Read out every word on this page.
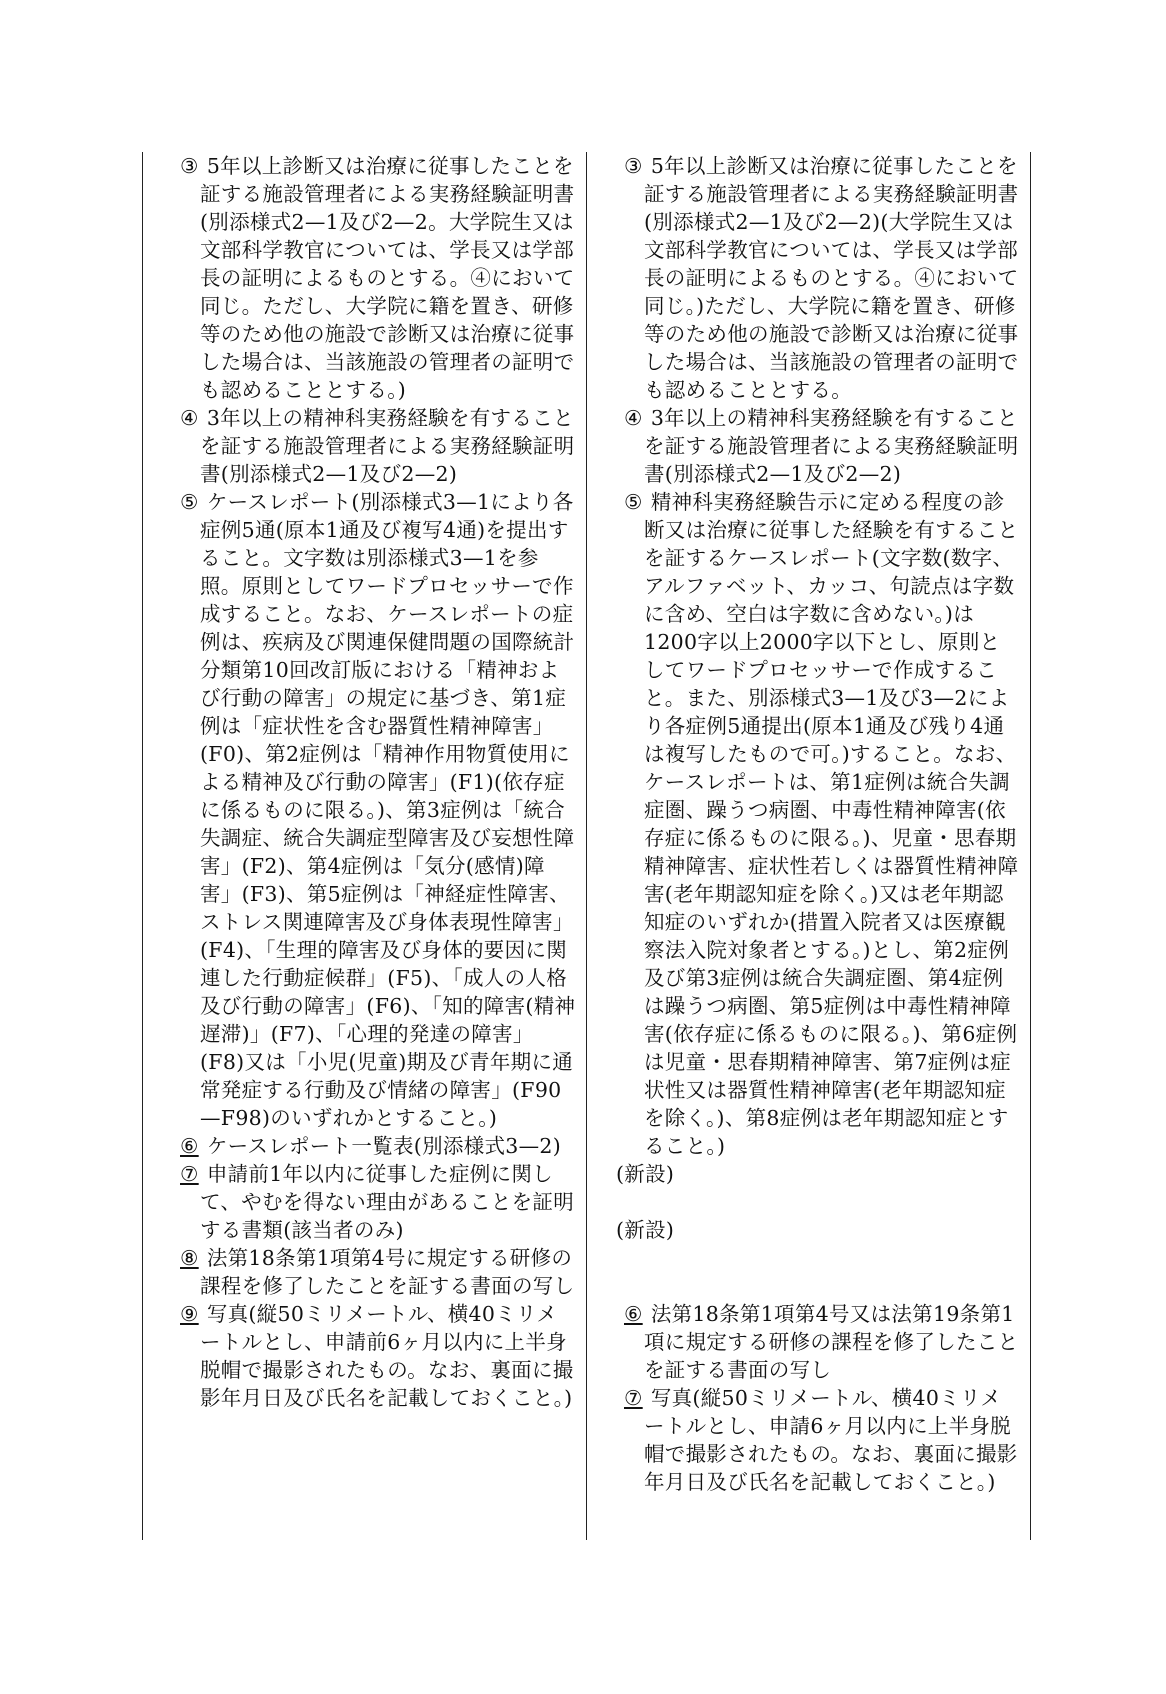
③ 5年以上診断又は治療に従事したことを証する施設管理者による実務経験証明書(別添様式2—1及び2—2。大学院生又は文部科学教官については、学長又は学部長の証明によるものとする。④において同じ。ただし、大学院に籍を置き、研修等のため他の施設で診断又は治療に従事した場合は、当該施設の管理者の証明でも認めることとする。)
④ 3年以上の精神科実務経験を有することを証する施設管理者による実務経験証明書(別添様式2—1及び2—2)
⑤ ケースレポート(別添様式3—1により各症例5通(原本1通及び複写4通)を提出すること。文字数は別添様式3—1を参照。原則としてワードプロセッサーで作成すること。なお、ケースレポートの症例は、疾病及び関連保健問題の国際統計分類第10回改訂版における「精神および行動の障害」の規定に基づき、第1症例は「症状性を含む器質性精神障害」(F0)、第2症例は「精神作用物質使用による精神及び行動の障害」(F1)(依存症に係るものに限る。)、第3症例は「統合失調症、統合失調症型障害及び妄想性障害」(F2)、第4症例は「気分(感情)障害」(F3)、第5症例は「神経症性障害、ストレス関連障害及び身体表現性障害」(F4)、「生理的障害及び身体的要因に関連した行動症候群」(F5)、「成人の人格及び行動の障害」(F6)、「知的障害(精神遅滞)」(F7)、「心理的発達の障害」(F8)又は「小児(児童)期及び青年期に通常発症する行動及び情緒の障害」(F90—F98)のいずれかとすること。)
⑥ ケースレポート一覧表(別添様式3—2)
⑦ 申請前1年以内に従事した症例に関して、やむを得ない理由があることを証明する書類(該当者のみ)
⑧ 法第18条第1項第4号に規定する研修の課程を修了したことを証する書面の写し
⑨ 写真(縦50ミリメートル、横40ミリメートルとし、申請前6ヶ月以内に上半身脱帽で撮影されたもの。なお、裏面に撮影年月日及び氏名を記載しておくこと。)
③ 5年以上診断又は治療に従事したことを証する施設管理者による実務経験証明書(別添様式2—1及び2—2)(大学院生又は文部科学教官については、学長又は学部長の証明によるものとする。④において同じ。)ただし、大学院に籍を置き、研修等のため他の施設で診断又は治療に従事した場合は、当該施設の管理者の証明でも認めることとする。
④ 3年以上の精神科実務経験を有することを証する施設管理者による実務経験証明書(別添様式2—1及び2—2)
⑤ 精神科実務経験告示に定める程度の診断又は治療に従事した経験を有することを証するケースレポート(文字数(数字、アルファベット、カッコ、句読点は字数に含め、空白は字数に含めない。)は1200字以上2000字以下とし、原則としてワードプロセッサーで作成すること。また、別添様式3—1及び3—2により各症例5通提出(原本1通及び残り4通は複写したもので可。)すること。なお、ケースレポートは、第1症例は統合失調症圏、躁うつ病圏、中毒性精神障害(依存症に係るものに限る。)、児童・思春期精神障害、症状性若しくは器質性精神障害(老年期認知症を除く。)又は老年期認知症のいずれか(措置入院者又は医療観察法入院対象者とする。)とし、第2症例及び第3症例は統合失調症圏、第4症例は躁うつ病圏、第5症例は中毒性精神障害(依存症に係るものに限る。)、第6症例は児童・思春期精神障害、第7症例は症状性又は器質性精神障害(老年期認知症を除く。)、第8症例は老年期認知症とすること。)
(新設)
(新設)
⑥ 法第18条第1項第4号又は法第19条第1項に規定する研修の課程を修了したことを証する書面の写し
⑦ 写真(縦50ミリメートル、横40ミリメートルとし、申請6ヶ月以内に上半身脱帽で撮影されたもの。なお、裏面に撮影年月日及び氏名を記載しておくこと。)
